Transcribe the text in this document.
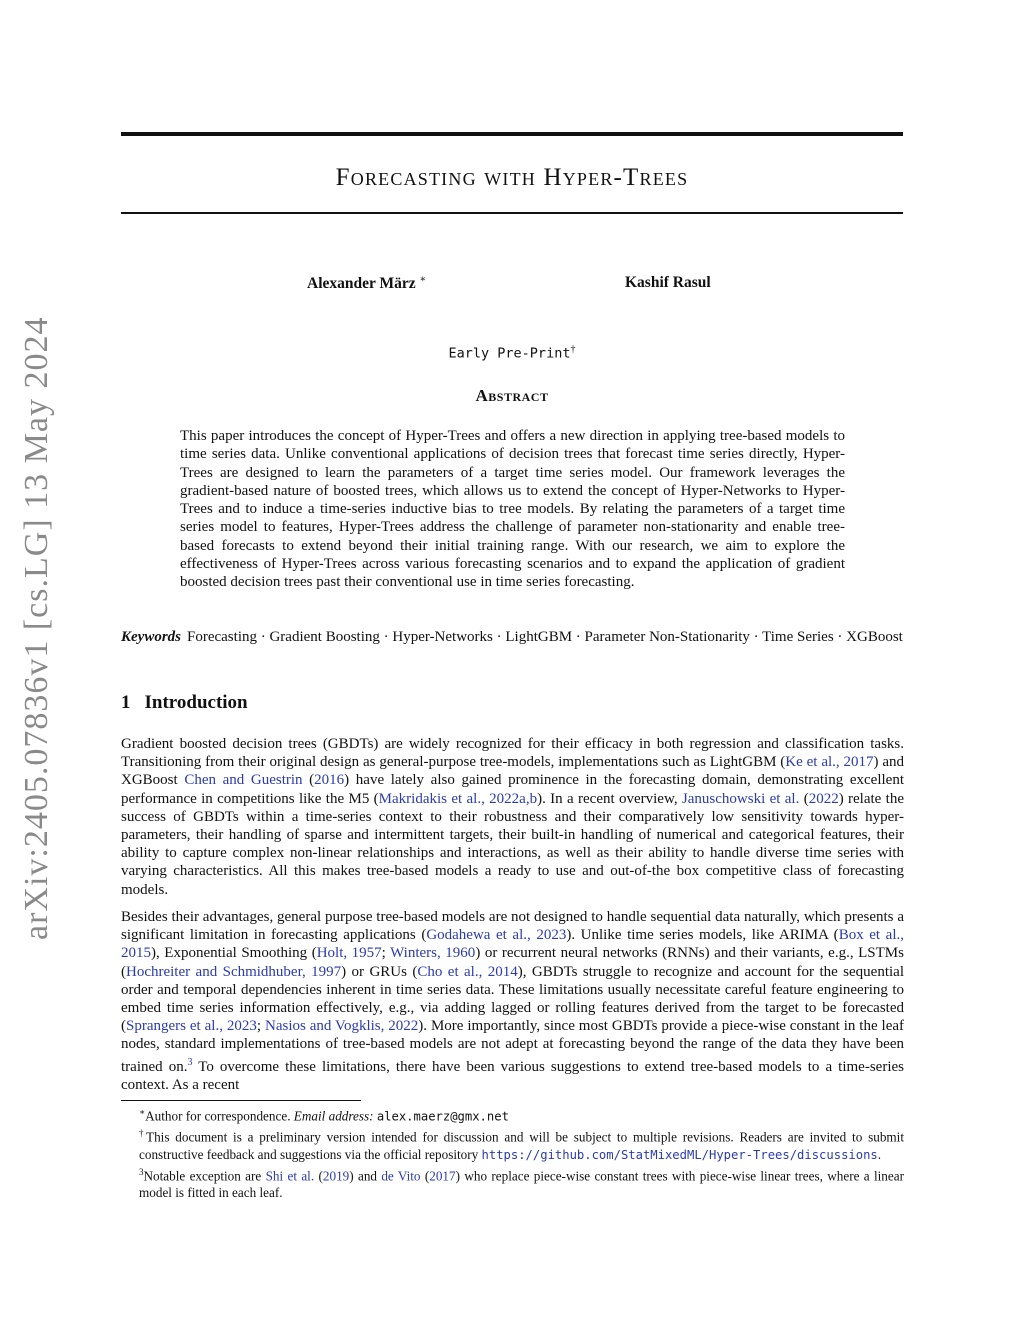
arXiv:2405.07836v1 [cs.LG] 13 May 2024
Forecasting with Hyper-Trees
Alexander März ∗	Kashif Rasul
Early Pre-Print†
Abstract
This paper introduces the concept of Hyper-Trees and offers a new direction in applying tree-based models to time series data. Unlike conventional applications of decision trees that forecast time series directly, Hyper-Trees are designed to learn the parameters of a target time series model. Our framework leverages the gradient-based nature of boosted trees, which allows us to extend the concept of Hyper-Networks to Hyper-Trees and to induce a time-series inductive bias to tree models. By relating the parameters of a target time series model to features, Hyper-Trees address the challenge of parameter non-stationarity and enable tree-based forecasts to extend beyond their initial training range. With our research, we aim to explore the effectiveness of Hyper-Trees across various forecasting scenarios and to expand the application of gradient boosted decision trees past their conventional use in time series forecasting.
Keywords Forecasting · Gradient Boosting · Hyper-Networks · LightGBM · Parameter Non-Stationarity · Time Series · XGBoost
1 Introduction
Gradient boosted decision trees (GBDTs) are widely recognized for their efficacy in both regression and classification tasks. Transitioning from their original design as general-purpose tree-models, implementations such as LightGBM (Ke et al., 2017) and XGBoost Chen and Guestrin (2016) have lately also gained prominence in the forecasting domain, demonstrating excellent performance in competitions like the M5 (Makridakis et al., 2022a,b). In a recent overview, Januschowski et al. (2022) relate the success of GBDTs within a time-series context to their robustness and their comparatively low sensitivity towards hyper-parameters, their handling of sparse and intermittent targets, their built-in handling of numerical and categorical features, their ability to capture complex non-linear relationships and interactions, as well as their ability to handle diverse time series with varying characteristics. All this makes tree-based models a ready to use and out-of-the box competitive class of forecasting models.
Besides their advantages, general purpose tree-based models are not designed to handle sequential data naturally, which presents a significant limitation in forecasting applications (Godahewa et al., 2023). Unlike time series models, like ARIMA (Box et al., 2015), Exponential Smoothing (Holt, 1957; Winters, 1960) or recurrent neural networks (RNNs) and their variants, e.g., LSTMs (Hochreiter and Schmidhuber, 1997) or GRUs (Cho et al., 2014), GBDTs struggle to recognize and account for the sequential order and temporal dependencies inherent in time series data. These limitations usually necessitate careful feature engineering to embed time series information effectively, e.g., via adding lagged or rolling features derived from the target to be forecasted (Sprangers et al., 2023; Nasios and Vogklis, 2022). More importantly, since most GBDTs provide a piece-wise constant in the leaf nodes, standard implementations of tree-based models are not adept at forecasting beyond the range of the data they have been trained on.$^3$ To overcome these limitations, there have been various suggestions to extend tree-based models to a time-series context. As a recent

∗Author for correspondence. Email address: alex.maerz@gmx.net

†This document is a preliminary version intended for discussion and will be subject to multiple revisions. Readers are invited to submit constructive feedback and suggestions via the official repository https://github.com/StatMixedML/Hyper-Trees/discussions.

$^3$Notable exception are Shi et al. (2019) and de Vito (2017) who replace piece-wise constant trees with piece-wise linear trees, where a linear model is fitted in each leaf.
